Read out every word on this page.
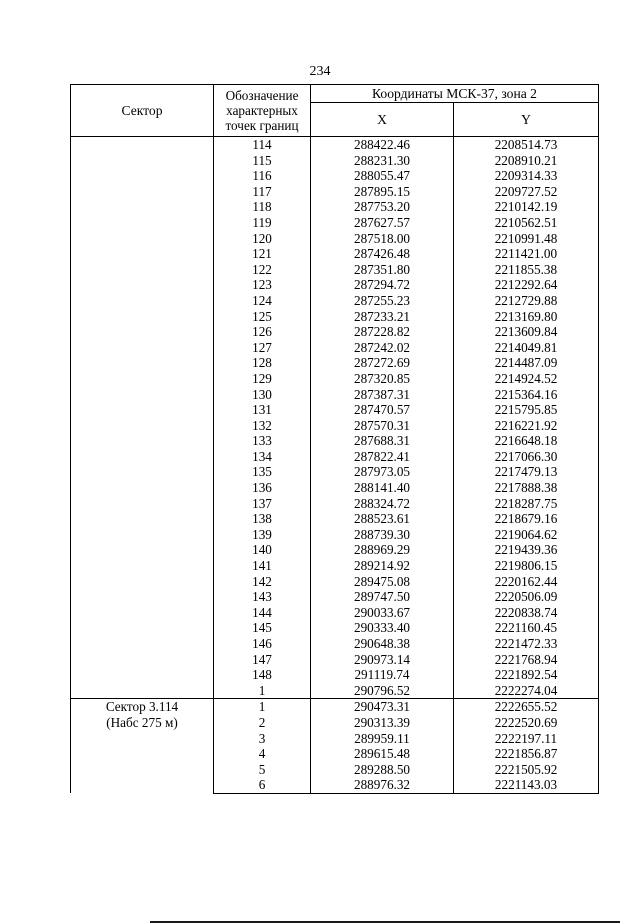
234
Сектор	Обозначение характерных точек границ	Координаты МСК-37, зона 2	
		X	Y
	114	288422.46	2208514.73
	115	288231.30	2208910.21
	116	288055.47	2209314.33
	117	287895.15	2209727.52
	118	287753.20	2210142.19
	119	287627.57	2210562.51
	120	287518.00	2210991.48
	121	287426.48	2211421.00
	122	287351.80	2211855.38
	123	287294.72	2212292.64
	124	287255.23	2212729.88
	125	287233.21	2213169.80
	126	287228.82	2213609.84
	127	287242.02	2214049.81
	128	287272.69	2214487.09
	129	287320.85	2214924.52
	130	287387.31	2215364.16
	131	287470.57	2215795.85
	132	287570.31	2216221.92
	133	287688.31	2216648.18
	134	287822.41	2217066.30
	135	287973.05	2217479.13
	136	288141.40	2217888.38
	137	288324.72	2218287.75
	138	288523.61	2218679.16
	139	288739.30	2219064.62
	140	288969.29	2219439.36
	141	289214.92	2219806.15
	142	289475.08	2220162.44
	143	289747.50	2220506.09
	144	290033.67	2220838.74
	145	290333.40	2221160.45
	146	290648.38	2221472.33
	147	290973.14	2221768.94
	148	291119.74	2221892.54
	1	290796.52	2222274.04

Сектор 3.114
(Набс 275 м)	1	290473.31	2222655.52
	2	290313.39	2222520.69
	3	289959.11	2222197.11
	4	289615.48	2221856.87
	5	289288.50	2221505.92
	6	288976.32	2221143.03
